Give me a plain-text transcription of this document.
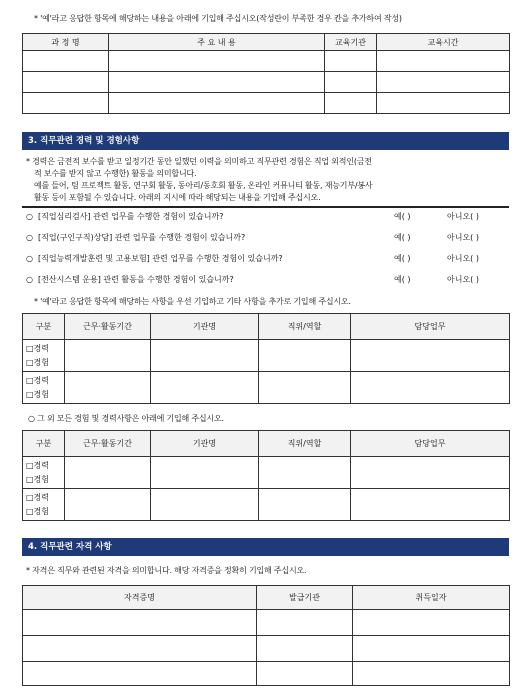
* '예'라고 응답한 항목에 해당하는 내용을 아래에 기입해 주십시오(작성란이 부족한 경우 칸을 추가하여 작성)
과 정 명	주 요 내 용	교육기관	교육시간

3. 직무관련 경력 및 경험사항
* 경력은 금전적 보수를 받고 일정기간 동안 일했던 이력을 의미하고 직무관련 경험은 직업 외적인(금전
적 보수를 받지 않고 수행한) 활동을 의미합니다.
예를 들어, 팀 프로젝트 활동, 연구회 활동, 동아리/동호회 활동, 온라인 커뮤니티 활동, 재능기부/봉사
활동 등이 포함될 수 있습니다. 아래의 지시에 따라 해당되는 내용을 기입해 주십시오.
○ [직업심리검사] 관련 업무를 수행한 경험이 있습니까?	예( )	아니오( )
○ [직업(구인구직)상담] 관련 업무를 수행한 경험이 있습니까?	예( )	아니오( )
○ [직업능력개발훈련 및 고용보험] 관련 업무를 수행한 경험이 있습니까?	예( )	아니오( )
○ [전산시스템 운용] 관련 활동을 수행한 경험이 있습니까?	예( )	아니오( )
* '예'라고 응답한 항목에 해당하는 사항을 우선 기입하고 기타 사항을 추가로 기입해 주십시오.
구분	근무·활동기간	기관명	직위/역할	담당업무

□경력
□경험				

□경력
□경험				

○ 그 외 모든 경험 및 경력사항은 아래에 기입해 주십시오.
구분	근무·활동기간	기관명	직위/역할	담당업무

□경력
□경험				

□경력
□경험				

4. 직무관련 자격 사항
* 자격은 직무와 관련된 자격을 의미합니다. 해당 자격증을 정확히 기입해 주십시오.
자격증명	발급기관	취득일자
